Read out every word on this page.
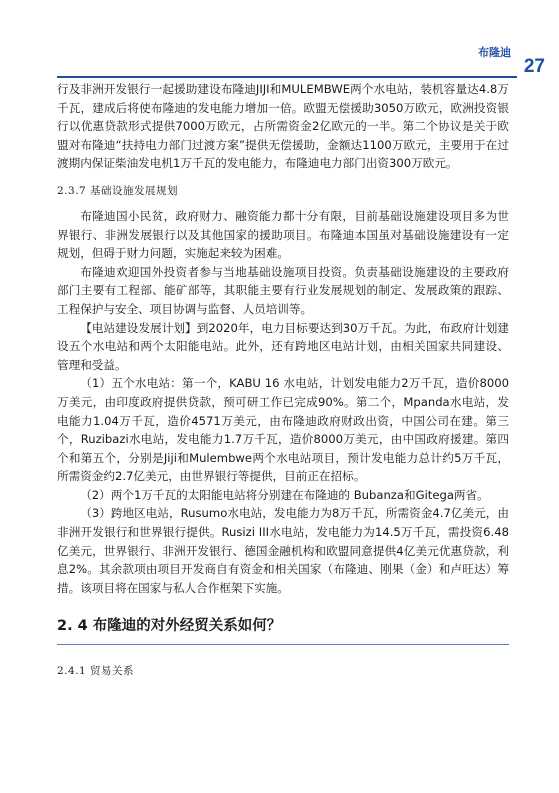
布隆迪
27

行及非洲开发银行一起援助建设布隆迪JIJI和MULEMBWE两个水电站，装机容量达4.8万千瓦，建成后将使布隆迪的发电能力增加一倍。欧盟无偿援助3050万欧元，欧洲投资银行以优惠贷款形式提供7000万欧元，占所需资金2亿欧元的一半。第二个协议是关于欧盟对布隆迪“扶持电力部门过渡方案”提供无偿援助，金额达1100万欧元，主要用于在过渡期内保证柴油发电机1万千瓦的发电能力，布隆迪电力部门出资300万欧元。

2.3.7 基础设施发展规划

布隆迪国小民贫，政府财力、融资能力都十分有限，目前基础设施建设项目多为世界银行、非洲发展银行以及其他国家的援助项目。布隆迪本国虽对基础设施建设有一定规划，但碍于财力问题，实施起来较为困难。

布隆迪欢迎国外投资者参与当地基础设施项目投资。负责基础设施建设的主要政府部门主要有工程部、能矿部等，其职能主要有行业发展规划的制定、发展政策的跟踪、工程保护与安全、项目协调与监督、人员培训等。

【电站建设发展计划】到2020年，电力目标要达到30万千瓦。为此，布政府计划建设五个水电站和两个太阳能电站。此外，还有跨地区电站计划，由相关国家共同建设、管理和受益。

（1）五个水电站：第一个，KABU 16 水电站，计划发电能力2万千瓦，造价8000万美元，由印度政府提供贷款，预可研工作已完成90%。第二个，Mpanda水电站，发电能力1.04万千瓦，造价4571万美元，由布隆迪政府财政出资，中国公司在建。第三个，Ruzibazi水电站，发电能力1.7万千瓦，造价8000万美元，由中国政府援建。第四个和第五个，分别是Jiji和Mulembwe两个水电站项目，预计发电能力总计约5万千瓦，所需资金约2.7亿美元，由世界银行等提供，目前正在招标。

（2）两个1万千瓦的太阳能电站将分别建在布隆迪的 Bubanza和Gitega两省。

（3）跨地区电站，Rusumo水电站，发电能力为8万千瓦，所需资金4.7亿美元，由非洲开发银行和世界银行提供。Rusizi III水电站，发电能力为14.5万千瓦，需投资6.48亿美元，世界银行、非洲开发银行、德国金融机构和欧盟同意提供4亿美元优惠贷款，利息2%。其余款项由项目开发商自有资金和相关国家（布隆迪、刚果（金）和卢旺达）筹措。该项目将在国家与私人合作框架下实施。

2. 4 布隆迪的对外经贸关系如何？
2.4.1 贸易关系
